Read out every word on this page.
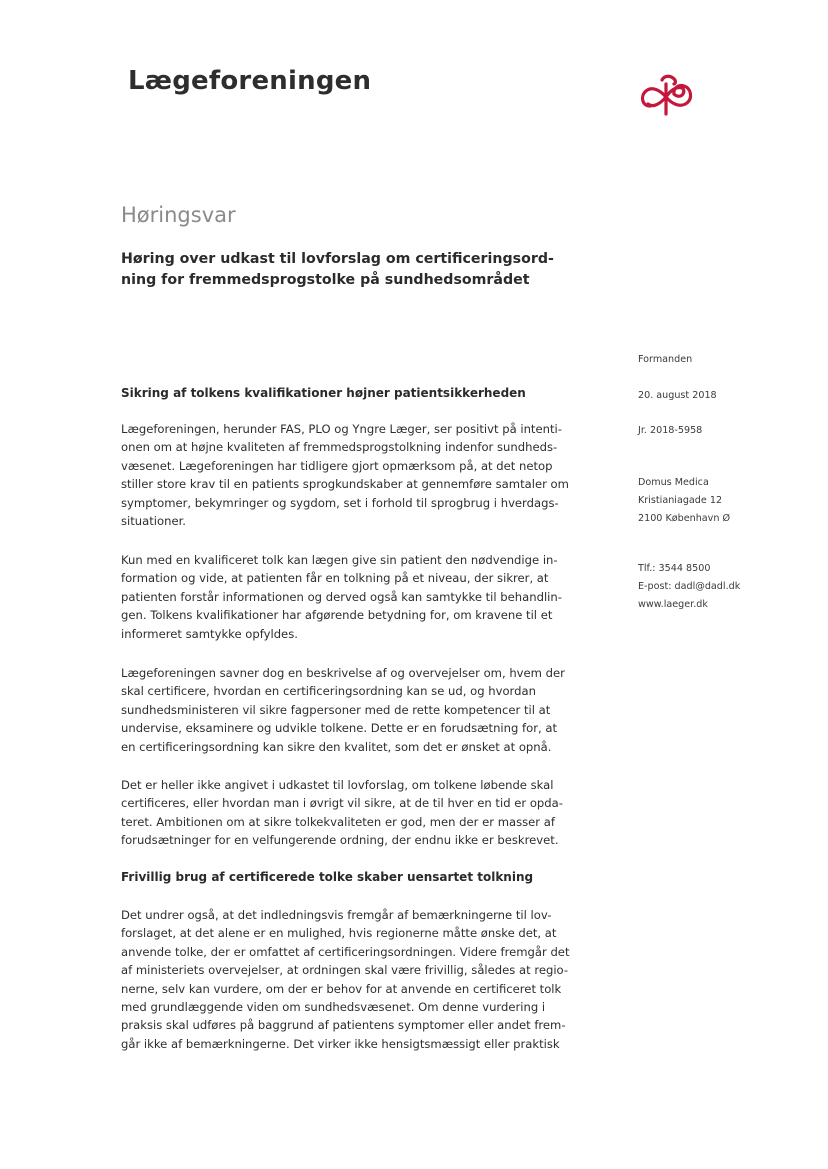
Lægeforeningen
Høringsvar
Høring over udkast til lovforslag om certificeringsord-
ning for fremmedsprogstolke på sundhedsområdet
Formanden
20. august 2018
Jr. 2018-5958
Domus Medica
Kristianiagade 12
2100 København Ø
Tlf.: 3544 8500
E-post: dadl@dadl.dk
www.laeger.dk
Sikring af tolkens kvalifikationer højner patientsikkerheden
Lægeforeningen, herunder FAS, PLO og Yngre Læger, ser positivt på intenti-
onen om at højne kvaliteten af fremmedsprogstolkning indenfor sundheds-
væsenet. Lægeforeningen har tidligere gjort opmærksom på, at det netop
stiller store krav til en patients sprogkundskaber at gennemføre samtaler om
symptomer, bekymringer og sygdom, set i forhold til sprogbrug i hverdags-
situationer.
Kun med en kvalificeret tolk kan lægen give sin patient den nødvendige in-
formation og vide, at patienten får en tolkning på et niveau, der sikrer, at
patienten forstår informationen og derved også kan samtykke til behandlin-
gen. Tolkens kvalifikationer har afgørende betydning for, om kravene til et
informeret samtykke opfyldes.
Lægeforeningen savner dog en beskrivelse af og overvejelser om, hvem der
skal certificere, hvordan en certificeringsordning kan se ud, og hvordan
sundhedsministeren vil sikre fagpersoner med de rette kompetencer til at
undervise, eksaminere og udvikle tolkene. Dette er en forudsætning for, at
en certificeringsordning kan sikre den kvalitet, som det er ønsket at opnå.
Det er heller ikke angivet i udkastet til lovforslag, om tolkene løbende skal
certificeres, eller hvordan man i øvrigt vil sikre, at de til hver en tid er opda-
teret. Ambitionen om at sikre tolkekvaliteten er god, men der er masser af
forudsætninger for en velfungerende ordning, der endnu ikke er beskrevet.
Frivillig brug af certificerede tolke skaber uensartet tolkning
Det undrer også, at det indledningsvis fremgår af bemærkningerne til lov-
forslaget, at det alene er en mulighed, hvis regionerne måtte ønske det, at
anvende tolke, der er omfattet af certificeringsordningen. Videre fremgår det
af ministeriets overvejelser, at ordningen skal være frivillig, således at regio-
nerne, selv kan vurdere, om der er behov for at anvende en certificeret tolk
med grundlæggende viden om sundhedsvæsenet. Om denne vurdering i
praksis skal udføres på baggrund af patientens symptomer eller andet frem-
går ikke af bemærkningerne. Det virker ikke hensigtsmæssigt eller praktisk
